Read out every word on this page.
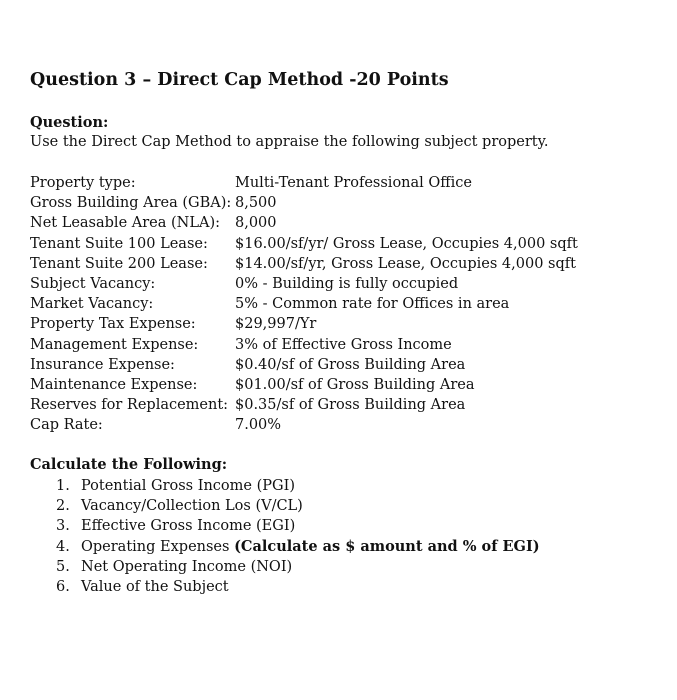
Question 3 – Direct Cap Method -20 Points
Question:
Use the Direct Cap Method to appraise the following subject property.
Property type:	Multi-Tenant Professional Office
Gross Building Area (GBA): 8,500
Net Leasable Area (NLA): 8,000
Tenant Suite 100 Lease: $16.00/sf/yr/ Gross Lease, Occupies 4,000 sqft
Tenant Suite 200 Lease: $14.00/sf/yr, Gross Lease, Occupies 4,000 sqft
Subject Vacancy:	0% - Building is fully occupied
Market Vacancy:	5% - Common rate for Offices in area
Property Tax Expense:	$29,997/Yr
Management Expense:	3% of Effective Gross Income
Insurance Expense:	$0.40/sf of Gross Building Area
Maintenance Expense:	$01.00/sf of Gross Building Area
Reserves for Replacement: $0.35/sf of Gross Building Area
Cap Rate:	7.00%
Calculate the Following:
1. Potential Gross Income (PGI)
2. Vacancy/Collection Los (V/CL)
3. Effective Gross Income (EGI)
4. Operating Expenses (Calculate as $ amount and % of EGI)
5. Net Operating Income (NOI)
6. Value of the Subject
